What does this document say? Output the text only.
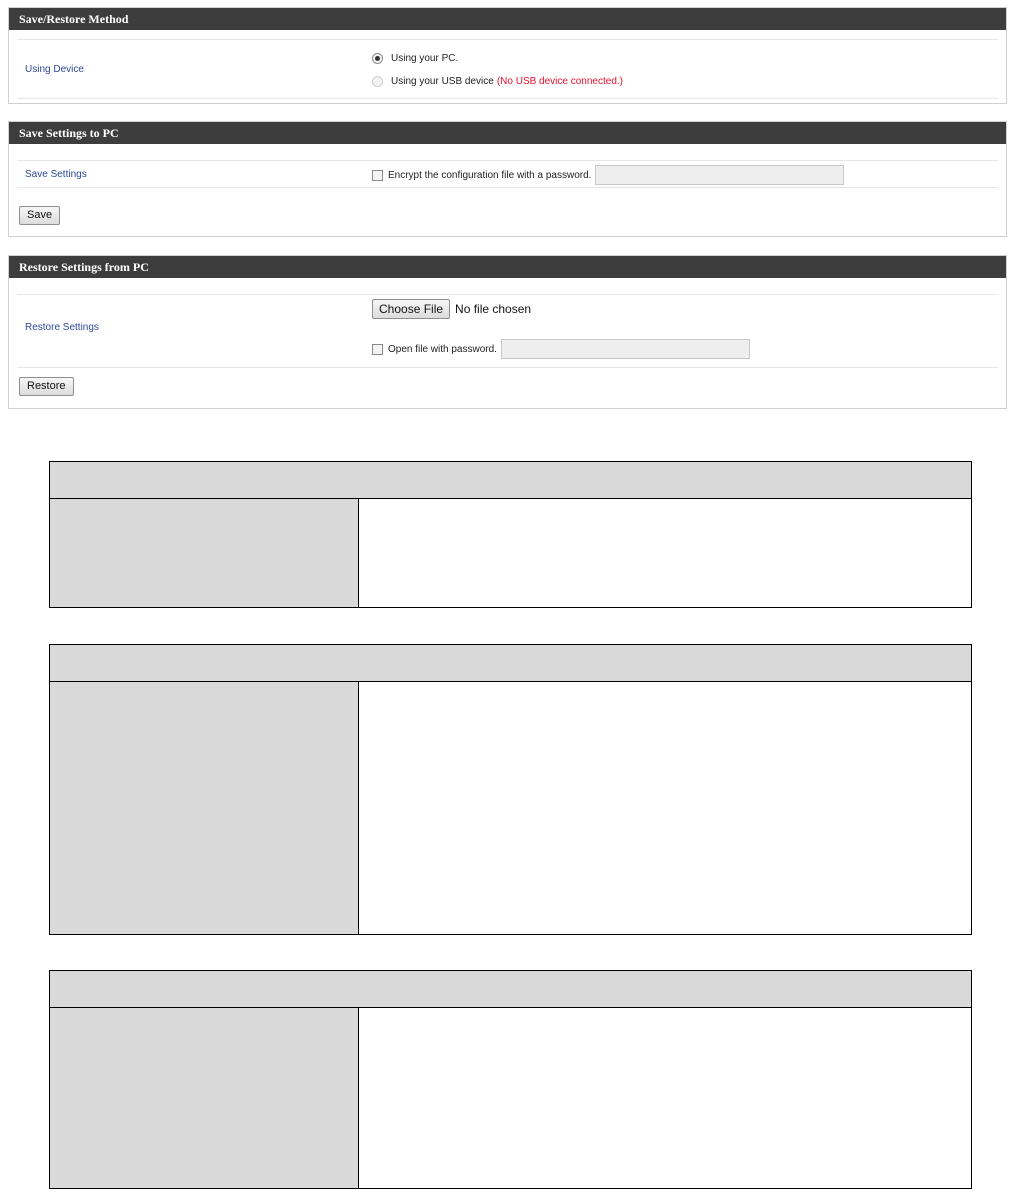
Save/Restore Method
Using Device
Using your PC.
Using your USB device (No USB device connected.)
Save Settings to PC
Save Settings	Encrypt the configuration file with a password.
Save
Restore Settings from PC
Restore Settings
Choose File	No file chosen
Open file with password.
Restore
